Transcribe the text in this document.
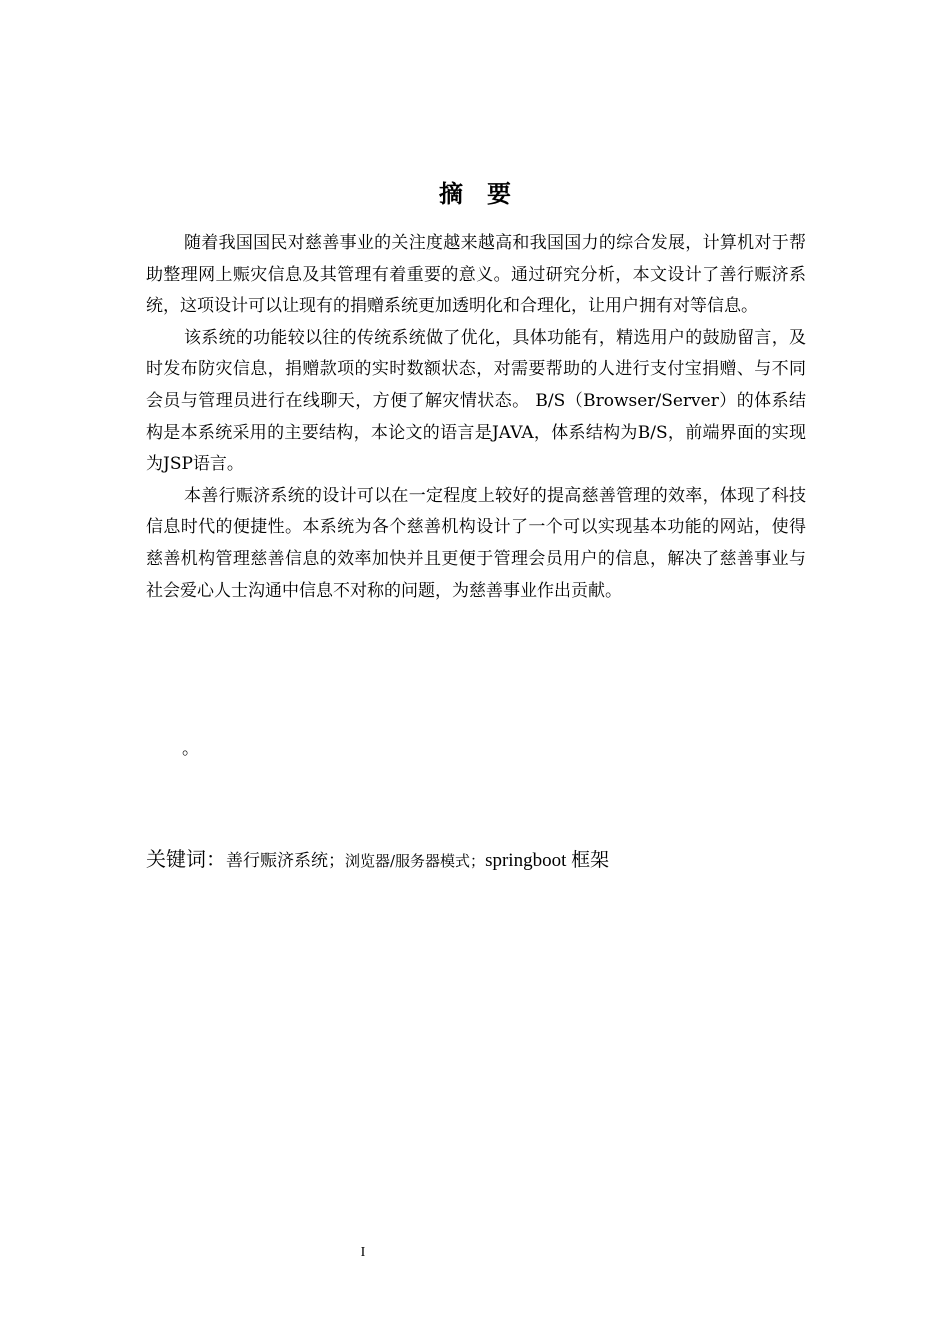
摘要

随着我国国民对慈善事业的关注度越来越高和我国国力的综合发展，计算机对于帮助整理网上赈灾信息及其管理有着重要的意义。通过研究分析，本文设计了善行赈济系统，这项设计可以让现有的捐赠系统更加透明化和合理化，让用户拥有对等信息。

该系统的功能较以往的传统系统做了优化，具体功能有，精选用户的鼓励留言，及时发布防灾信息，捐赠款项的实时数额状态，对需要帮助的人进行支付宝捐赠、与不同会员与管理员进行在线聊天，方便了解灾情状态。 B/S（Browser/Server）的体系结构是本系统采用的主要结构，本论文的语言是JAVA，体系结构为B/S，前端界面的实现为JSP语言。

本善行赈济系统的设计可以在一定程度上较好的提高慈善管理的效率，体现了科技信息时代的便捷性。本系统为各个慈善机构设计了一个可以实现基本功能的网站，使得慈善机构管理慈善信息的效率加快并且更便于管理会员用户的信息，解决了慈善事业与社会爱心人士沟通中信息不对称的问题，为慈善事业作出贡献。

。
关键词：善行赈济系统；浏览器/服务器模式；springboot 框架
I
